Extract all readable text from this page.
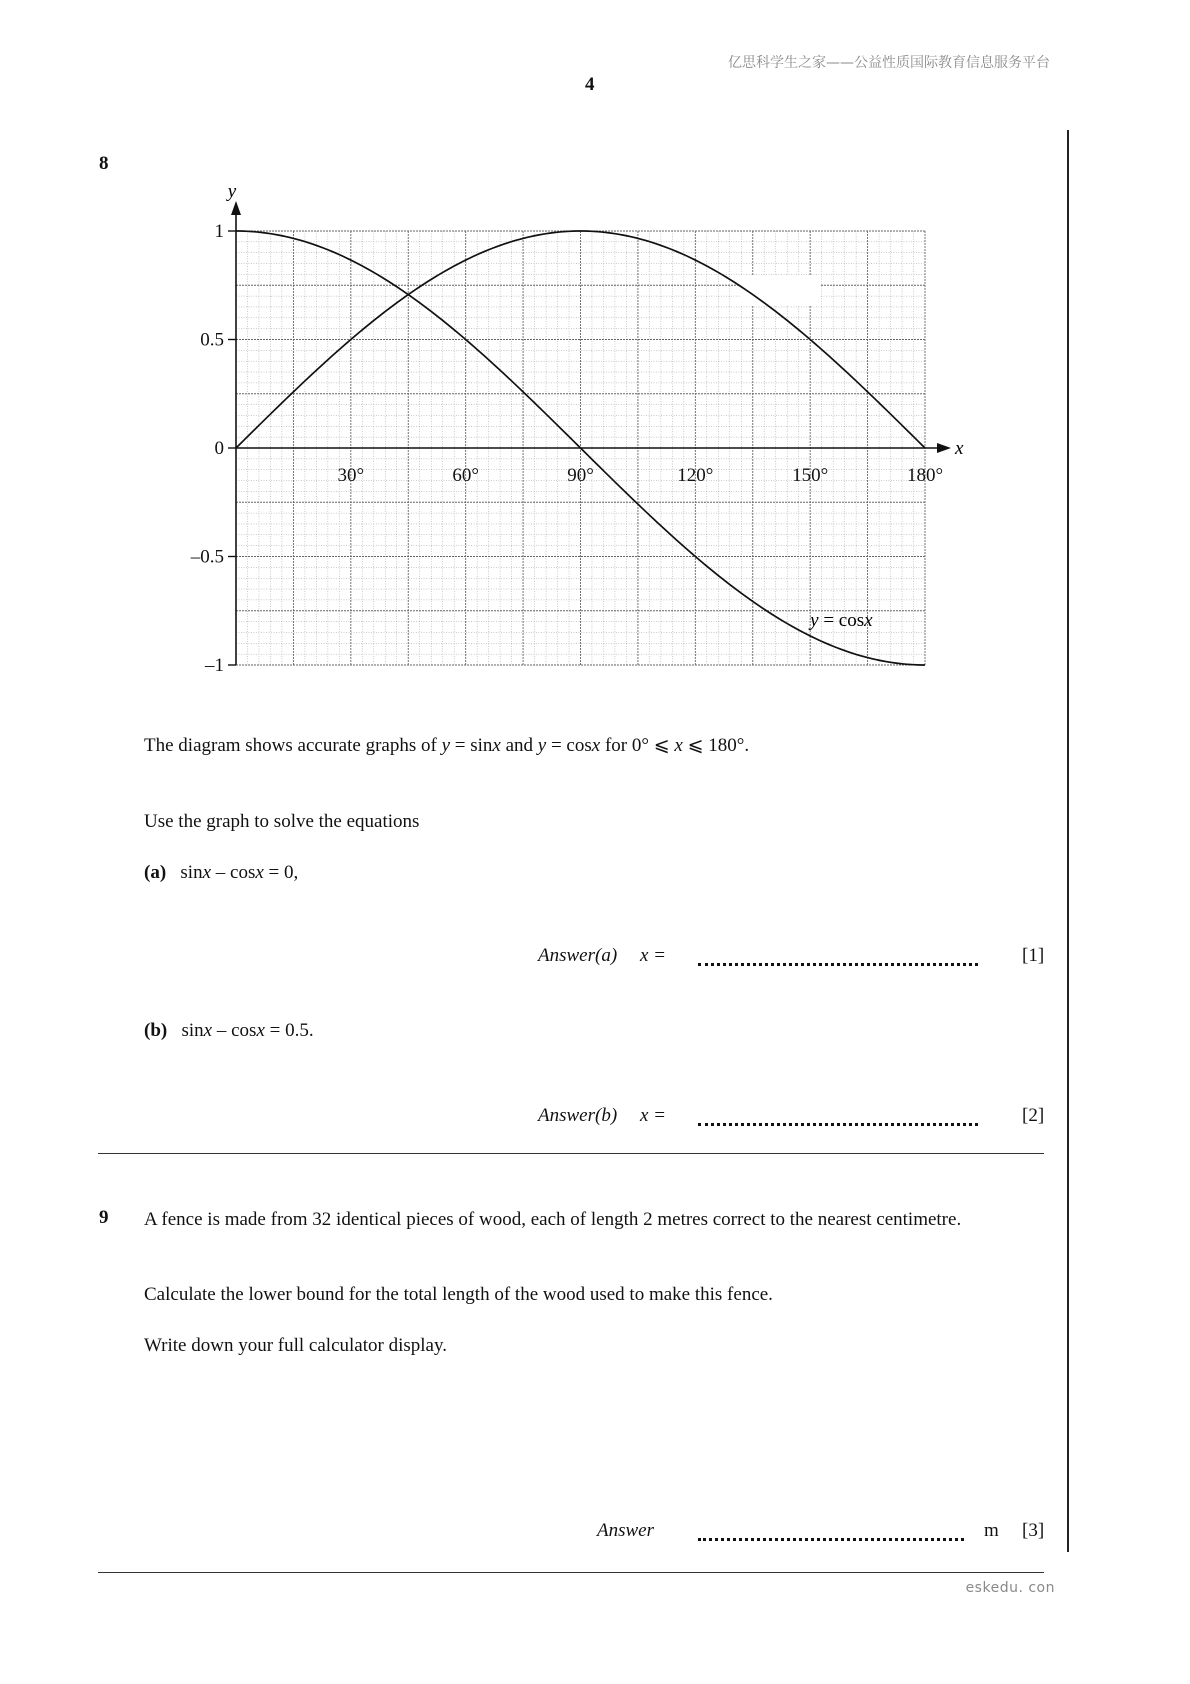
亿思科学生之家——公益性质国际教育信息服务平台
4
8
1
0.5
0
–0.5
–1
30°	60°	90°	120°	150°	180°
y
x
y = cosx
The diagram shows accurate graphs of y = sinx and y = cosx for 0° ⩽ x ⩽ 180°.
Use the graph to solve the equations
(a) sinx – cosx = 0,
Answer(a) x =	[1]
(b) sinx – cosx = 0.5.
Answer(b) x =	[2]
9 A fence is made from 32 identical pieces of wood, each of length 2 metres correct to the nearest centimetre.
Calculate the lower bound for the total length of the wood used to make this fence.
Write down your full calculator display.
Answer	m [3]
eskedu. con
